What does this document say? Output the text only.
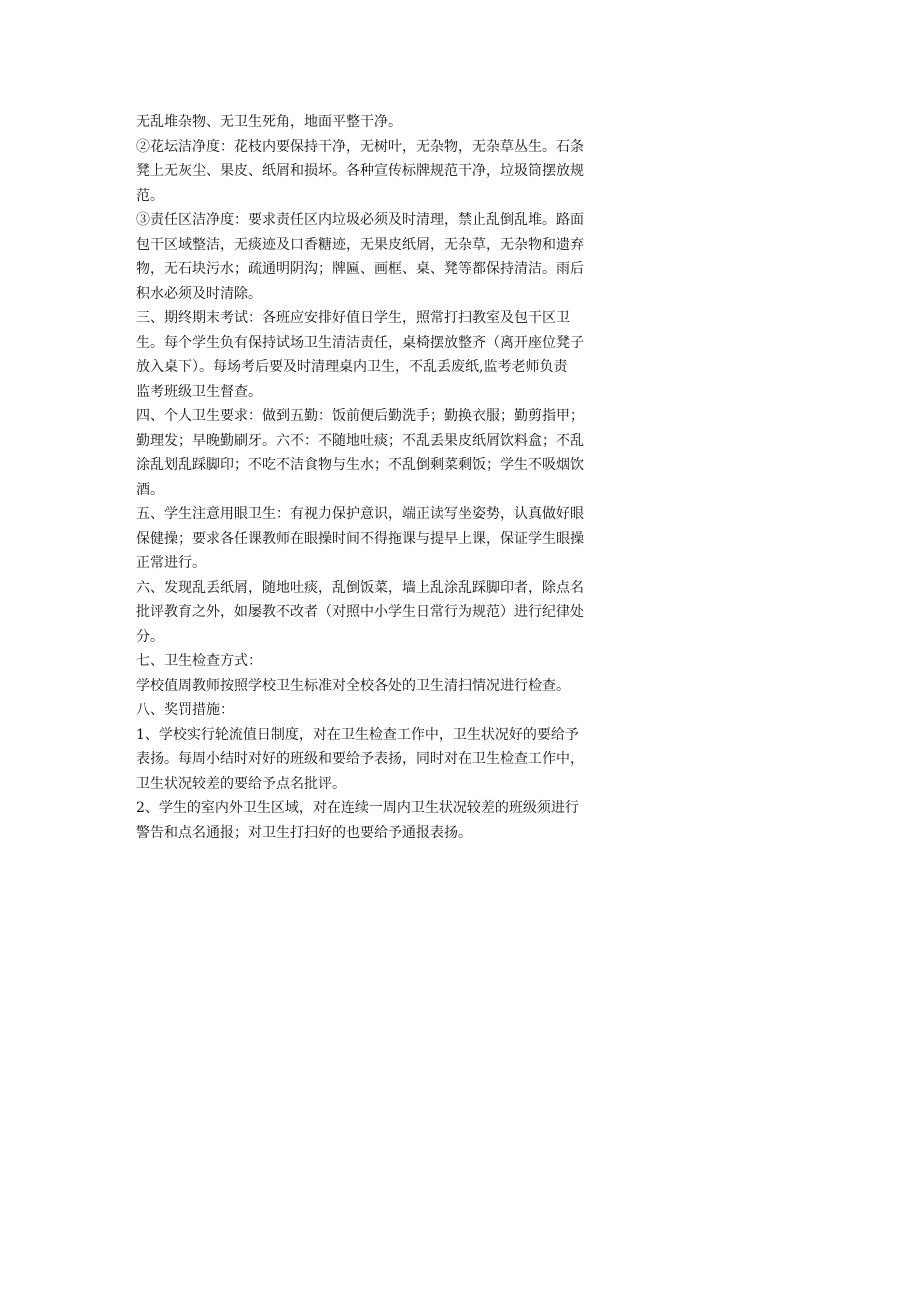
无乱堆杂物、无卫生死角，地面平整干净。
②花坛洁净度：花枝内要保持干净，无树叶，无杂物，无杂草丛生。石条
凳上无灰尘、果皮、纸屑和损坏。各种宣传标牌规范干净，垃圾筒摆放规
范。
③责任区洁净度：要求责任区内垃圾必须及时清理，禁止乱倒乱堆。路面
包干区域整洁，无痰迹及口香糖迹，无果皮纸屑，无杂草，无杂物和遗弃
物，无石块污水；疏通明阴沟；牌匾、画框、桌、凳等都保持清洁。雨后
积水必须及时清除。
三、期终期末考试：各班应安排好值日学生，照常打扫教室及包干区卫
生。每个学生负有保持试场卫生清洁责任，桌椅摆放整齐（离开座位凳子
放入桌下）。每场考后要及时清理桌内卫生，不乱丢废纸,监考老师负责
监考班级卫生督查。
四、个人卫生要求：做到五勤：饭前便后勤洗手；勤换衣服；勤剪指甲；
勤理发；早晚勤刷牙。六不：不随地吐痰；不乱丢果皮纸屑饮料盒；不乱
涂乱划乱踩脚印；不吃不洁食物与生水；不乱倒剩菜剩饭；学生不吸烟饮
酒。
五、学生注意用眼卫生：有视力保护意识，端正读写坐姿势，认真做好眼
保健操；要求各任课教师在眼操时间不得拖课与提早上课，保证学生眼操
正常进行。
六、发现乱丢纸屑，随地吐痰，乱倒饭菜，墙上乱涂乱踩脚印者，除点名
批评教育之外，如屡教不改者（对照中小学生日常行为规范）进行纪律处
分。
七、卫生检查方式：
学校值周教师按照学校卫生标准对全校各处的卫生清扫情况进行检查。
八、奖罚措施：
1、学校实行轮流值日制度，对在卫生检查工作中，卫生状况好的要给予
表扬。每周小结时对好的班级和要给予表扬，同时对在卫生检查工作中，
卫生状况较差的要给予点名批评。
2、学生的室内外卫生区域，对在连续一周内卫生状况较差的班级须进行
警告和点名通报；对卫生打扫好的也要给予通报表扬。
